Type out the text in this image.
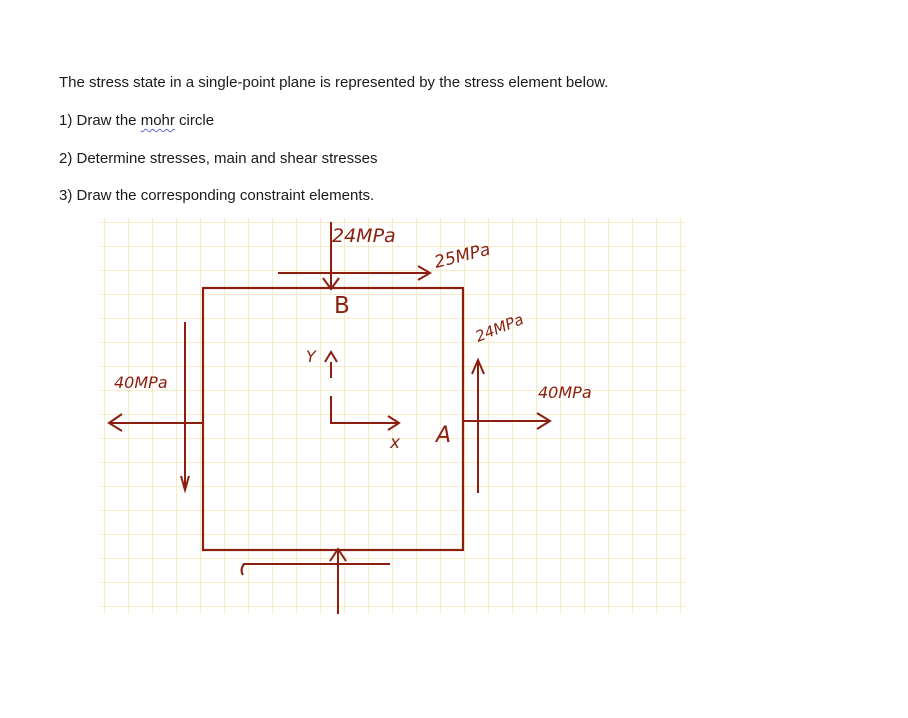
The stress state in a single-point plane is represented by the stress element below.

1) Draw the mohr circle

2) Determine stresses, main and shear stresses

3) Draw the corresponding constraint elements.

24MPa
25MPa
24MPa
40MPa
40MPa
B
A
x
Y
